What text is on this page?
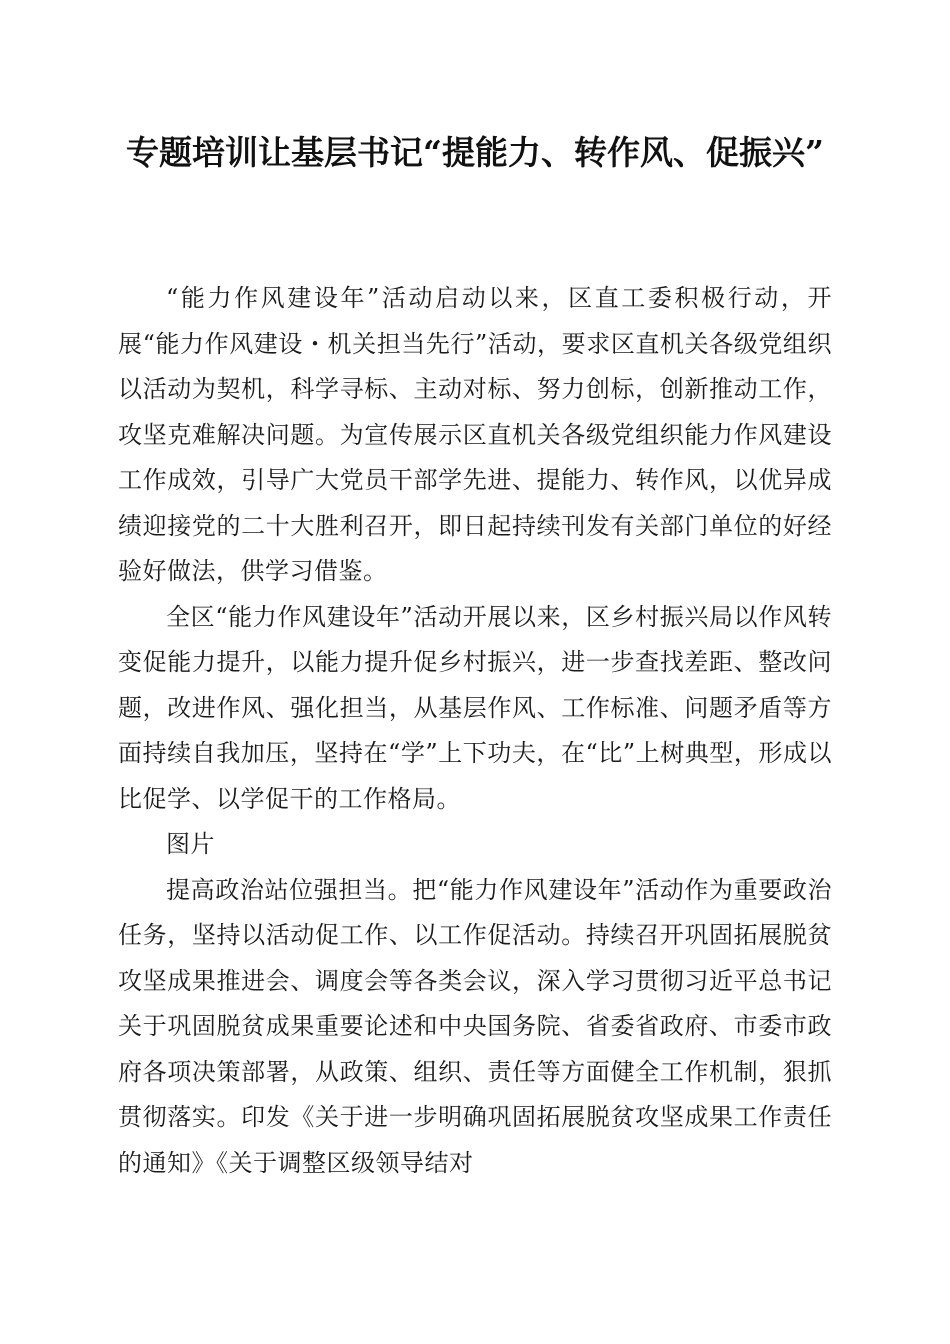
专题培训让基层书记“提能力、转作风、促振兴”

“能力作风建设年”活动启动以来，区直工委积极行动，开展“能力作风建设・机关担当先行”活动，要求区直机关各级党组织以活动为契机，科学寻标、主动对标、努力创标，创新推动工作，攻坚克难解决问题。为宣传展示区直机关各级党组织能力作风建设工作成效，引导广大党员干部学先进、提能力、转作风，以优异成绩迎接党的二十大胜利召开，即日起持续刊发有关部门单位的好经验好做法，供学习借鉴。

全区“能力作风建设年”活动开展以来，区乡村振兴局以作风转变促能力提升，以能力提升促乡村振兴，进一步查找差距、整改问题，改进作风、强化担当，从基层作风、工作标准、问题矛盾等方面持续自我加压，坚持在“学”上下功夫，在“比”上树典型，形成以比促学、以学促干的工作格局。

图片

提高政治站位强担当。把“能力作风建设年”活动作为重要政治任务，坚持以活动促工作、以工作促活动。持续召开巩固拓展脱贫攻坚成果推进会、调度会等各类会议，深入学习贯彻习近平总书记关于巩固脱贫成果重要论述和中央国务院、省委省政府、市委市政府各项决策部署，从政策、组织、责任等方面健全工作机制，狠抓贯彻落实。印发《关于进一步明确巩固拓展脱贫攻坚成果工作责任的通知》《关于调整区级领导结对
